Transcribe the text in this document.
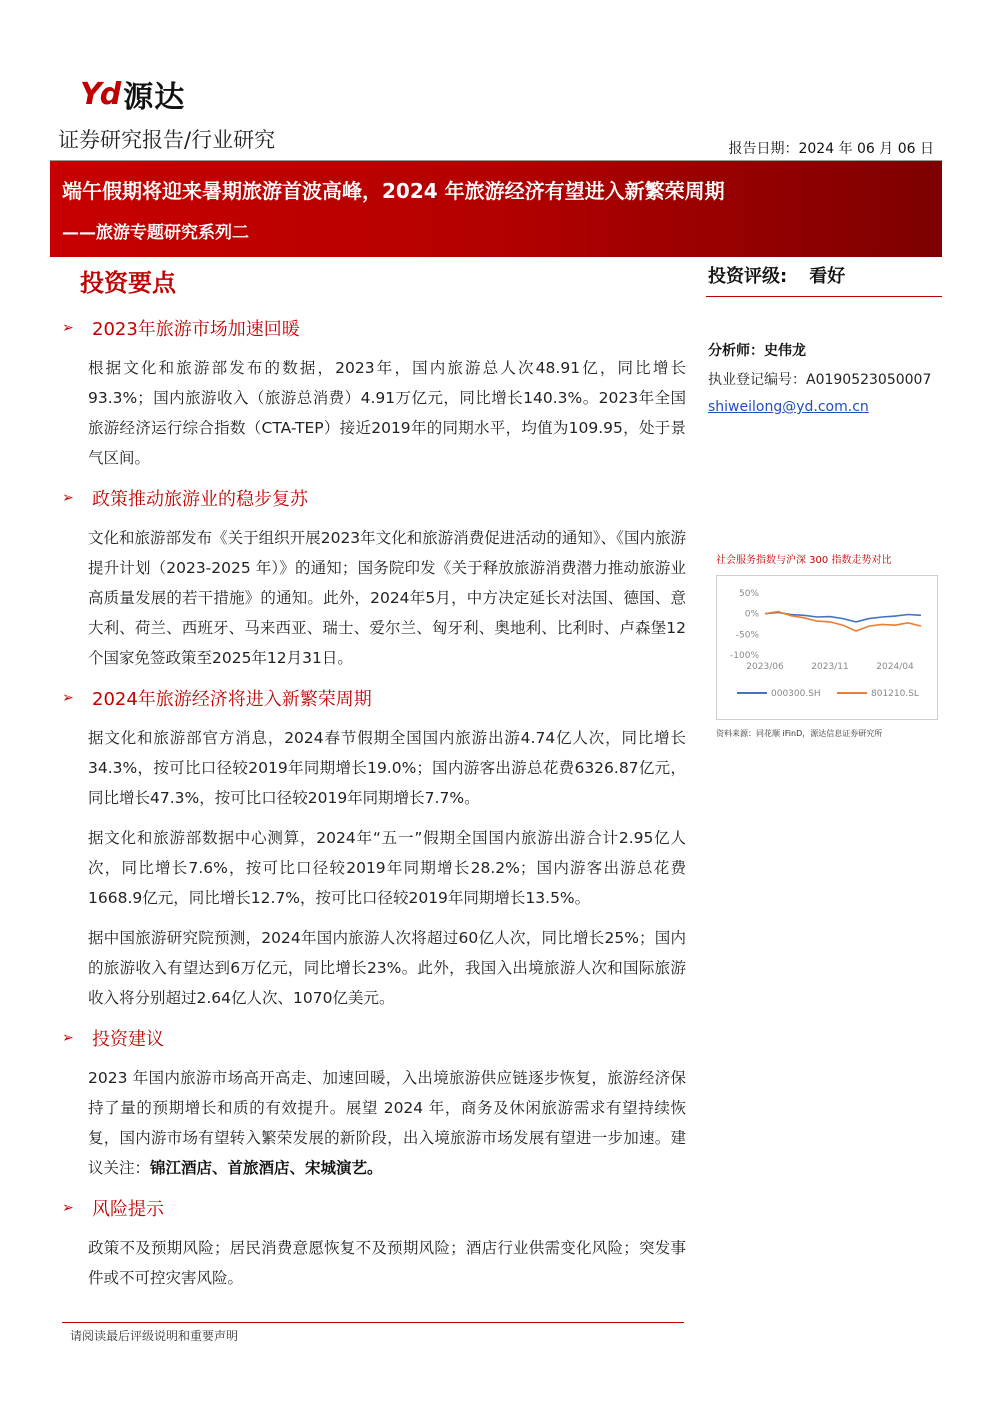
Yd 源达
证券研究报告/行业研究	报告日期：2024 年 06 月 06 日
端午假期将迎来暑期旅游首波高峰，2024 年旅游经济有望进入新繁荣周期
——旅游专题研究系列二
投资要点
➢ 2023年旅游市场加速回暖
根据文化和旅游部发布的数据，2023年，国内旅游总人次48.91亿，同比增长93.3%；国内旅游收入（旅游总消费）4.91万亿元，同比增长140.3%。2023年全国旅游经济运行综合指数（CTA-TEP）接近2019年的同期水平，均值为109.95，处于景气区间。
➢ 政策推动旅游业的稳步复苏
文化和旅游部发布《关于组织开展2023年文化和旅游消费促进活动的通知》、《国内旅游提升计划（2023-2025 年）》的通知；国务院印发《关于释放旅游消费潜力推动旅游业高质量发展的若干措施》的通知。此外，2024年5月，中方决定延长对法国、德国、意大利、荷兰、西班牙、马来西亚、瑞士、爱尔兰、匈牙利、奥地利、比利时、卢森堡12个国家免签政策至2025年12月31日。
➢ 2024年旅游经济将进入新繁荣周期
据文化和旅游部官方消息，2024春节假期全国国内旅游出游4.74亿人次，同比增长34.3%，按可比口径较2019年同期增长19.0%；国内游客出游总花费6326.87亿元，同比增长47.3%，按可比口径较2019年同期增长7.7%。
据文化和旅游部数据中心测算，2024年“五一”假期全国国内旅游出游合计2.95亿人次，同比增长7.6%，按可比口径较2019年同期增长28.2%；国内游客出游总花费1668.9亿元，同比增长12.7%，按可比口径较2019年同期增长13.5%。
据中国旅游研究院预测，2024年国内旅游人次将超过60亿人次，同比增长25%；国内的旅游收入有望达到6万亿元，同比增长23%。此外，我国入出境旅游人次和国际旅游收入将分别超过2.64亿人次、1070亿美元。
➢ 投资建议
2023 年国内旅游市场高开高走、加速回暖，入出境旅游供应链逐步恢复，旅游经济保持了量的预期增长和质的有效提升。展望 2024 年，商务及休闲旅游需求有望持续恢复，国内游市场有望转入繁荣发展的新阶段，出入境旅游市场发展有望进一步加速。建议关注：锦江酒店、首旅酒店、宋城演艺。
➢ 风险提示
政策不及预期风险；居民消费意愿恢复不及预期风险；酒店行业供需变化风险；突发事件或不可控灾害风险。
请阅读最后评级说明和重要声明
投资评级: 看好
分析师：史伟龙
执业登记编号：A0190523050007
shiweilong@yd.com.cn
社会服务指数与沪深 300 指数走势对比
50%
0%
-50%
-100%
2023/06	2023/11	2024/04
000300.SH	801210.SL
资料来源：同花顺 iFinD，源达信息证券研究所
